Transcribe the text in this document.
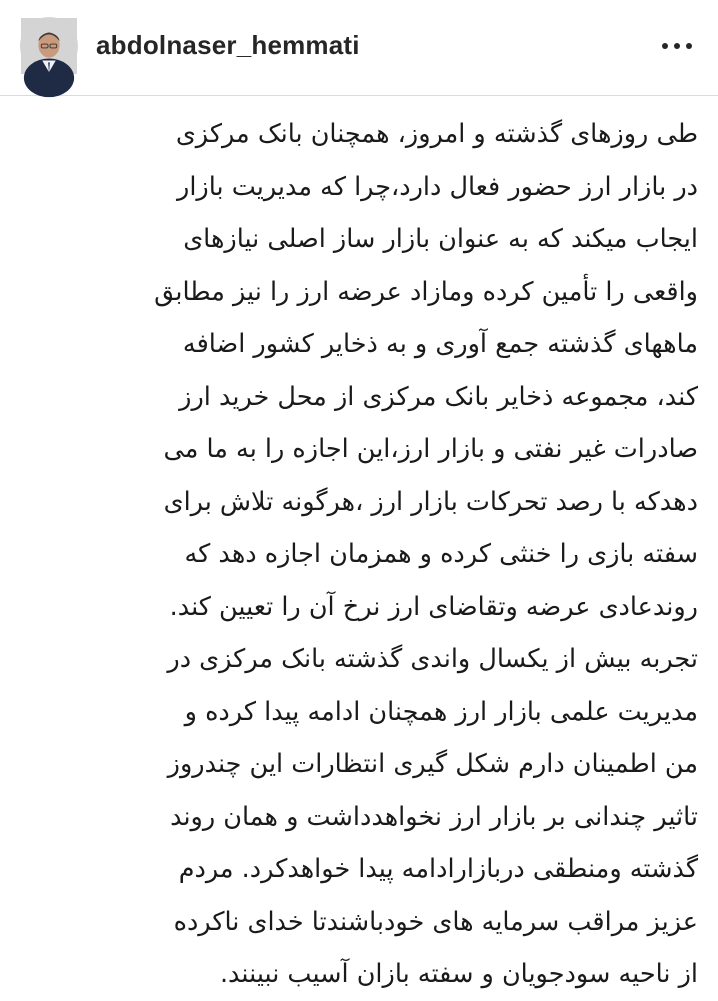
abdolnaser_hemmati
طی روزهای گذشته و امروز، همچنان بانک مرکزی
در بازار ارز حضور فعال دارد،چرا که مدیریت بازار
ایجاب میکند که به عنوان بازار ساز اصلی نیازهای
واقعی را تأمین کرده ومازاد عرضه ارز را نیز مطابق
ماههای گذشته جمع آوری و به ذخایر کشور اضافه
کند، مجموعه ذخایر بانک مرکزی از محل خرید ارز
صادرات غیر نفتی و بازار ارز،این اجازه را به ما می
دهدکه با رصد تحرکات بازار ارز ،هرگونه تلاش برای
سفته بازی را خنثی کرده و همزمان اجازه دهد که
روندعادی عرضه وتقاضای ارز نرخ آن را تعیین کند.
تجربه بیش از یکسال واندی گذشته بانک مرکزی در
مدیریت علمی بازار ارز همچنان ادامه پیدا کرده و
من اطمینان دارم شکل گیری انتظارات این چندروز
تاثیر چندانی بر بازار ارز نخواهدداشت و همان روند
گذشته ومنطقی دربازارادامه پیدا خواهدکرد. مردم
عزیز مراقب سرمایه های خودباشندتا خدای ناکرده
از ناحیه سودجویان و سفته بازان آسیب نبینند.
